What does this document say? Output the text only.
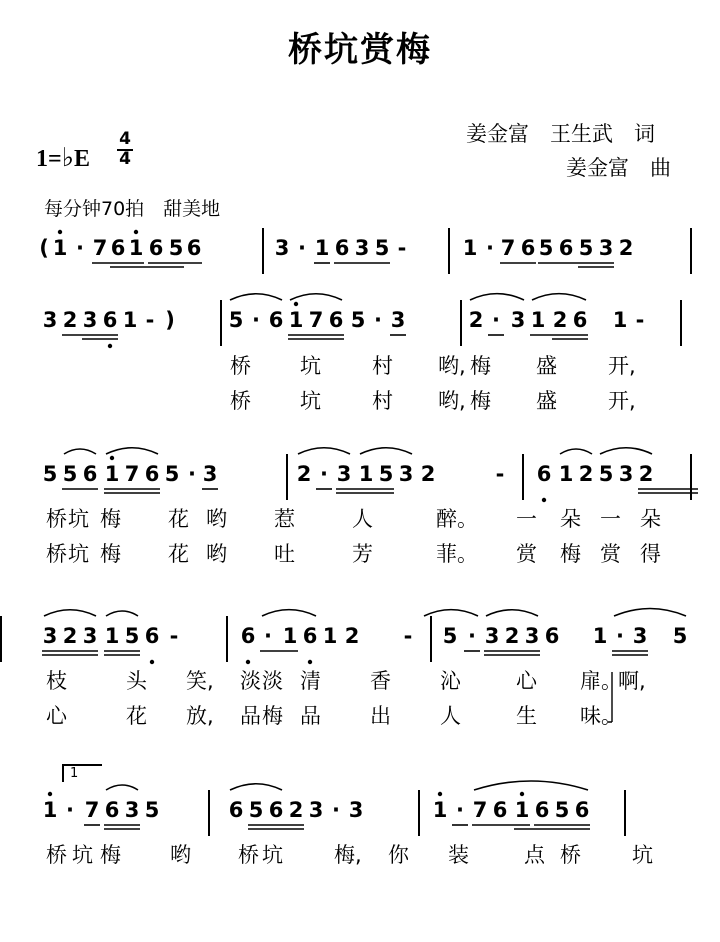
桥坑赏梅
姜金富　王生武　词
姜金富　曲
1=♭E
4
4
每分钟70拍　甜美地
( 1 · 7 6 1 6 5 6	3 · 1 6 3 5 -	1 · 7 6 5 6 5 3 2
3 2 3 6 1 - )	5 · 6 1 7 6 5 · 3	2 · 3 1 2 6 1 -
桥 坑 村 哟, 梅 盛 开,
桥 坑 村 哟, 梅 盛 开,
5 5 6 1 7 6 5 · 3	2 · 3 1 5 3 2	- 6 1 2 5 3 2
桥 坑 梅 花 哟 惹	人	醉。 一 朵 一 朵
桥 坑 梅 花 哟 吐	芳	菲。 赏 梅 赏 得
3 2 3 1 5 6 -	6 · 1 6 1 2 - 5 · 3 2 3 6 1 · 3 5
枝	头 笑, 淡 淡 清 香 沁	心 扉。
啊,
心	花 放, 品 梅 品 出 人	生 味。
1
1 · 7 6 3 5	6 5 6 2 3 · 3	1 · 7 6 1 6 5 6
桥 坑 梅 哟 桥 坑 梅, 你 装	点 桥 坑
